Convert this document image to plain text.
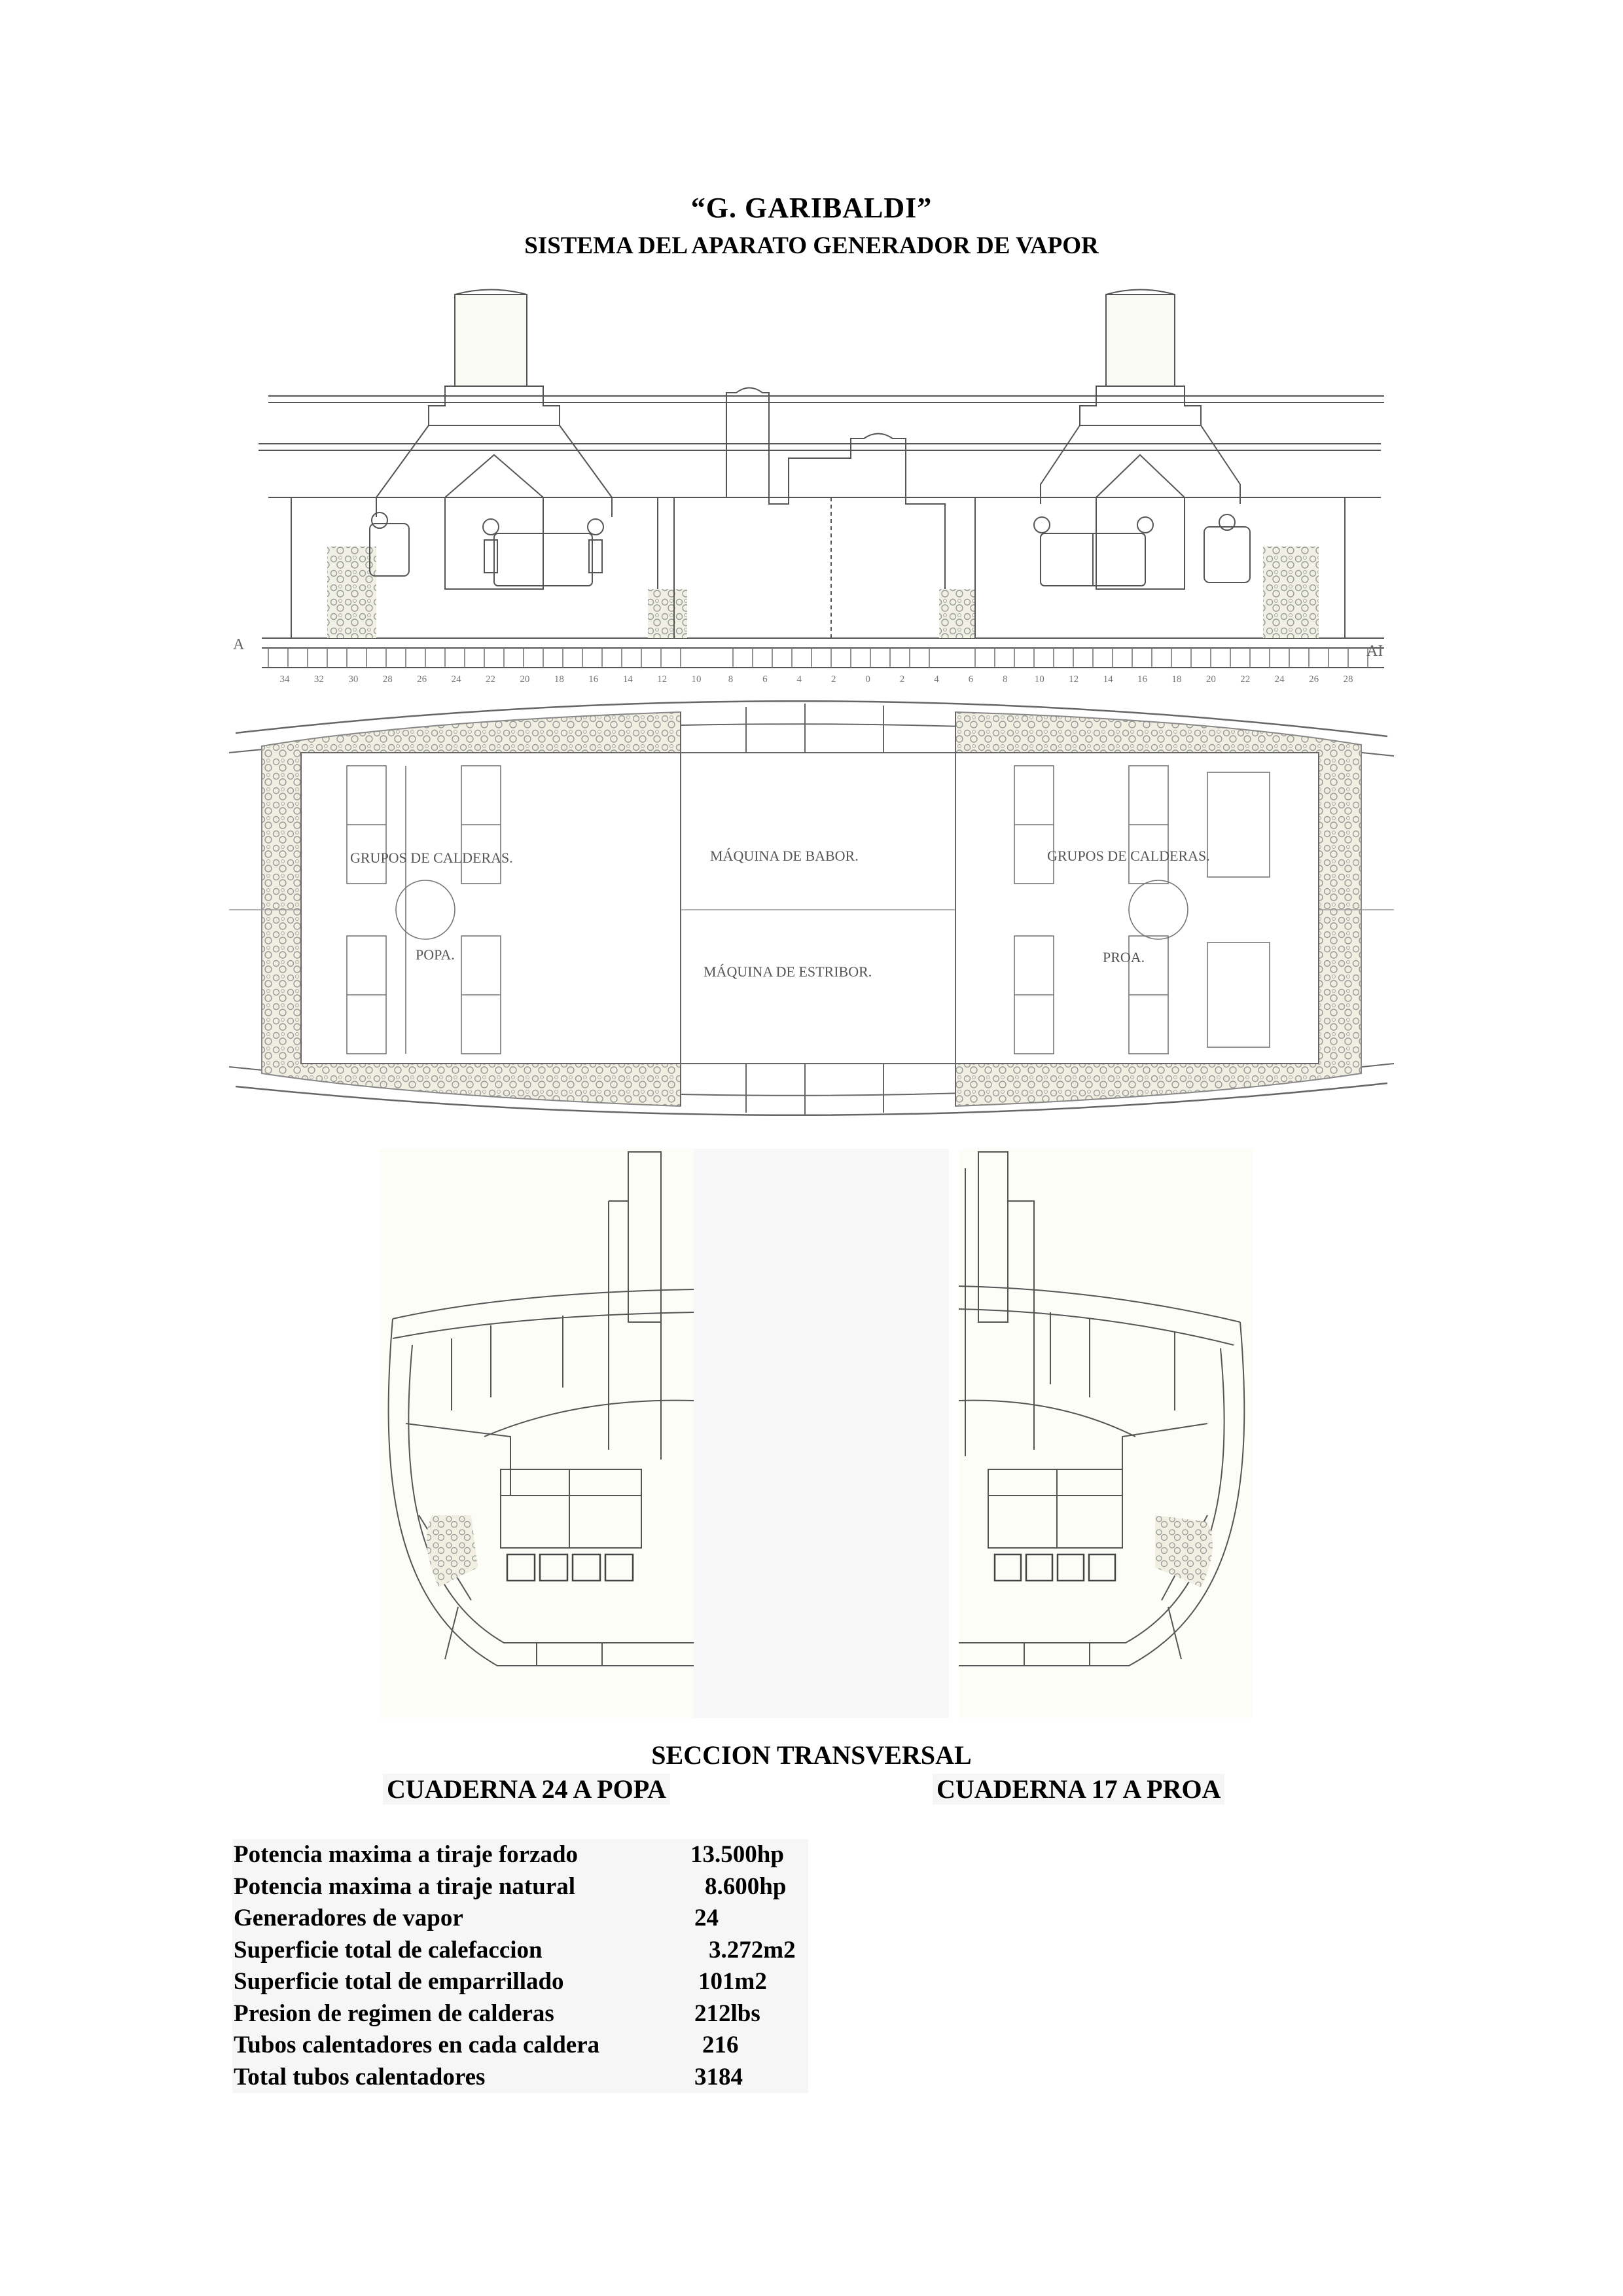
“G. GARIBALDI”
SISTEMA DEL APARATO GENERADOR DE VAPOR
A	AI
34 32 30 28 26 24 22 20 18 16 14 12 10	8	6	4	2	0	2	4	6	8	10 12 14 16 18 20 22 24 26 28
GRUPOS DE CALDERAS.
POPA.
MÁQUINA DE BABOR.
MÁQUINA DE ESTRIBOR.
GRUPOS DE CALDERAS.
PROA.
SECCION TRANSVERSAL
CUADERNA 24 A POPA	CUADERNA 17 A PROA
Potencia maxima a tiraje forzado	13.500hp
Potencia maxima a tiraje natural	8.600hp
Generadores de vapor	24
Superficie total de calefaccion	3.272m2
Superficie total de emparrillado	101m2
Presion de regimen de calderas	212lbs
Tubos calentadores en cada caldera	216
Total tubos calentadores	3184
